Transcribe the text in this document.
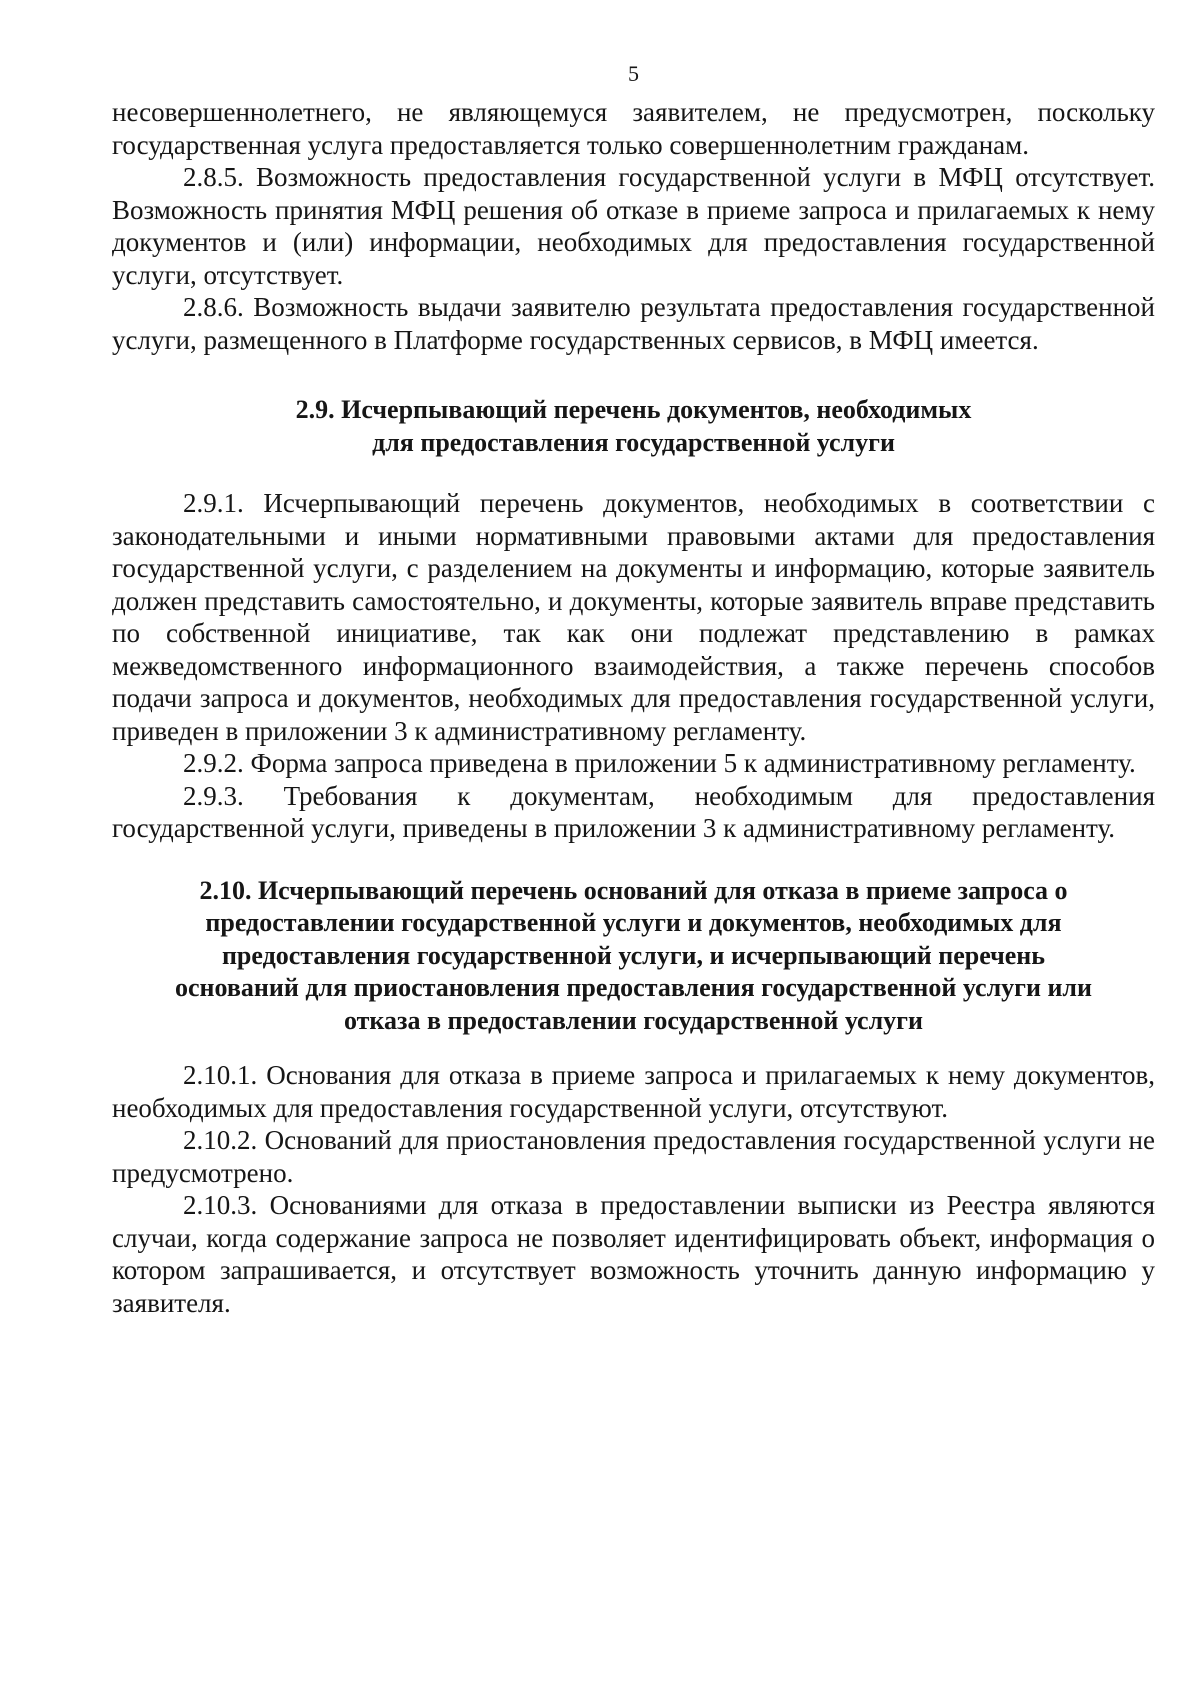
5

несовершеннолетнего, не являющемуся заявителем, не предусмотрен, поскольку государственная услуга предоставляется только совершеннолетним гражданам.

2.8.5. Возможность предоставления государственной услуги в МФЦ отсутствует. Возможность принятия МФЦ решения об отказе в приеме запроса и прилагаемых к нему документов и (или) информации, необходимых для предоставления государственной услуги, отсутствует.

2.8.6. Возможность выдачи заявителю результата предоставления государственной услуги, размещенного в Платформе государственных сервисов, в МФЦ имеется.

2.9. Исчерпывающий перечень документов, необходимых
для предоставления государственной услуги

2.9.1. Исчерпывающий перечень документов, необходимых в соответствии с законодательными и иными нормативными правовыми актами для предоставления государственной услуги, с разделением на документы и информацию, которые заявитель должен представить самостоятельно, и документы, которые заявитель вправе представить по собственной инициативе, так как они подлежат представлению в рамках межведомственного информационного взаимодействия, а также перечень способов подачи запроса и документов, необходимых для предоставления государственной услуги, приведен в приложении 3 к административному регламенту.

2.9.2. Форма запроса приведена в приложении 5 к административному регламенту.

2.9.3. Требования к документам, необходимым для предоставления государственной услуги, приведены в приложении 3 к административному регламенту.

2.10. Исчерпывающий перечень оснований для отказа в приеме запроса о
предоставлении государственной услуги и документов, необходимых для
предоставления государственной услуги, и исчерпывающий перечень
оснований для приостановления предоставления государственной услуги или
отказа в предоставлении государственной услуги

2.10.1. Основания для отказа в приеме запроса и прилагаемых к нему документов, необходимых для предоставления государственной услуги, отсутствуют.

2.10.2. Оснований для приостановления предоставления государственной услуги не предусмотрено.

2.10.3. Основаниями для отказа в предоставлении выписки из Реестра являются случаи, когда содержание запроса не позволяет идентифицировать объект, информация о котором запрашивается, и отсутствует возможность уточнить данную информацию у заявителя.
